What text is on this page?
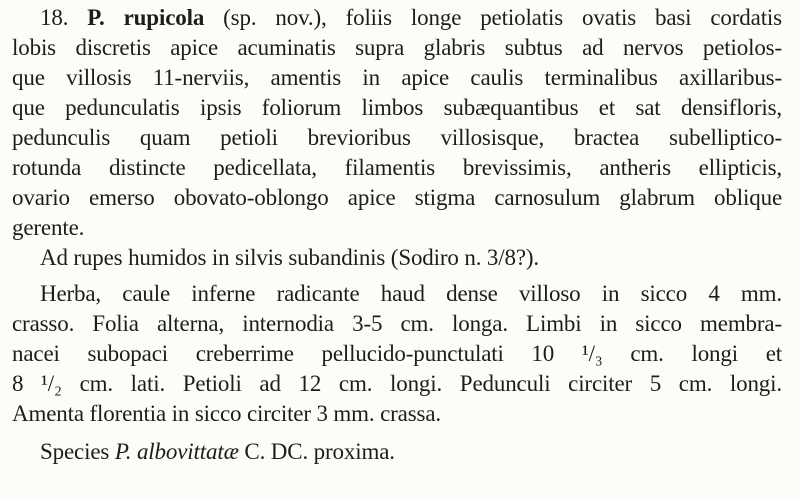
18. P. rupicola (sp. nov.), foliis longe petiolatis ovatis basi cordatis
lobis discretis apice acuminatis supra glabris subtus ad nervos petiolos-
que villosis 11-nerviis, amentis in apice caulis terminalibus axillaribus-
que pedunculatis ipsis foliorum limbos subæquantibus et sat densifloris,
pedunculis quam petioli brevioribus villosisque, bractea subelliptico-
rotunda distincte pedicellata, filamentis brevissimis, antheris ellipticis,
ovario emerso obovato-oblongo apice stigma carnosulum glabrum oblique
gerente.
Ad rupes humidos in silvis subandinis (Sodiro n. 3/8?).
Herba, caule inferne radicante haud dense villoso in sicco 4 mm.
crasso. Folia alterna, internodia 3-5 cm. longa. Limbi in sicco membra-
nacei subopaci creberrime pellucido-punctulati 10 ¹/₃ cm. longi et
8 ¹/₂ cm. lati. Petioli ad 12 cm. longi. Pedunculi circiter 5 cm. longi.
Amenta florentia in sicco circiter 3 mm. crassa.
Species P. albovittatæ C. DC. proxima.
